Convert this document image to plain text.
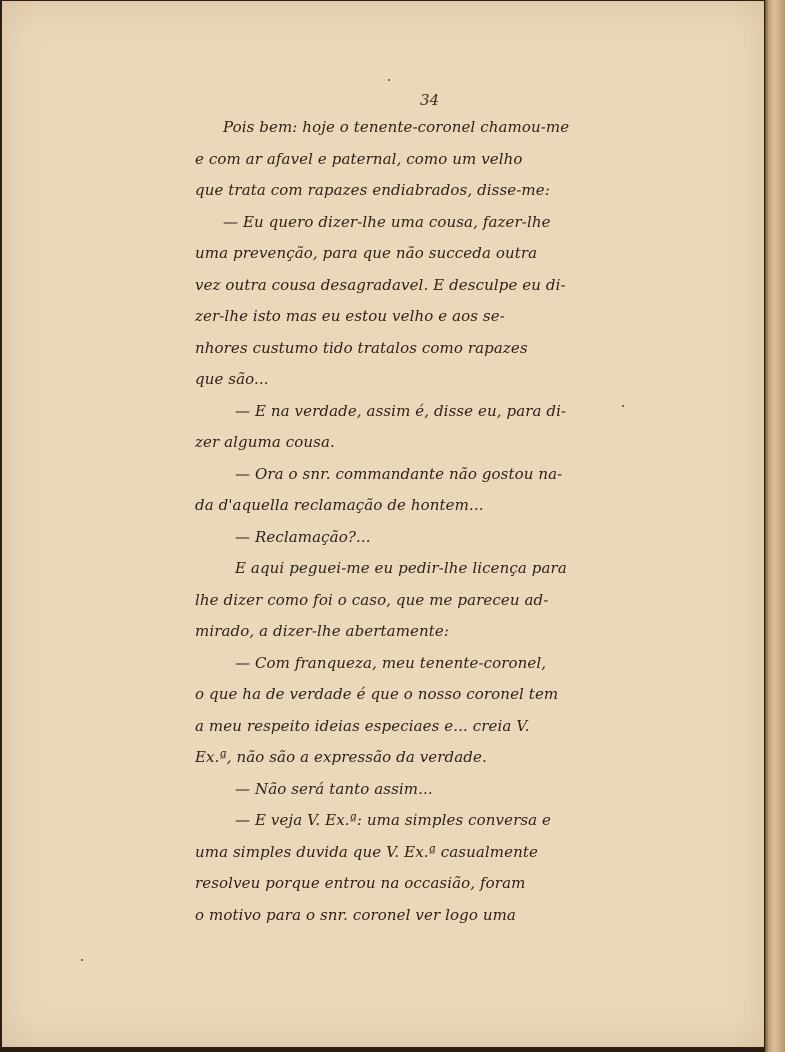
34
Pois bem: hoje o tenente-coronel chamou-me
e com ar afavel e paternal, como um velho
que trata com rapazes endiabrados, disse-me:
— Eu quero dizer-lhe uma cousa, fazer-lhe
uma prevenção, para que não succeda outra
vez outra cousa desagradavel. E desculpe eu di-
zer-lhe isto mas eu estou velho e aos se-
nhores custumo tido tratalos como rapazes
que são...
— E na verdade, assim é, disse eu, para di-
zer alguma cousa.
— Ora o snr. commandante não gostou na-
da d'aquella reclamação de hontem...
— Reclamação?...
E aqui peguei-me eu pedir-lhe licença para
lhe dizer como foi o caso, que me pareceu ad-
mirado, a dizer-lhe abertamente:
— Com franqueza, meu tenente-coronel,
o que ha de verdade é que o nosso coronel tem
a meu respeito ideias especiaes e... creia V.
Ex.ª, não são a expressão da verdade.
— Não será tanto assim...
— E veja V. Ex.ª: uma simples conversa e
uma simples duvida que V. Ex.ª casualmente
resolveu porque entrou na occasião, foram
o motivo para o snr. coronel ver logo uma
